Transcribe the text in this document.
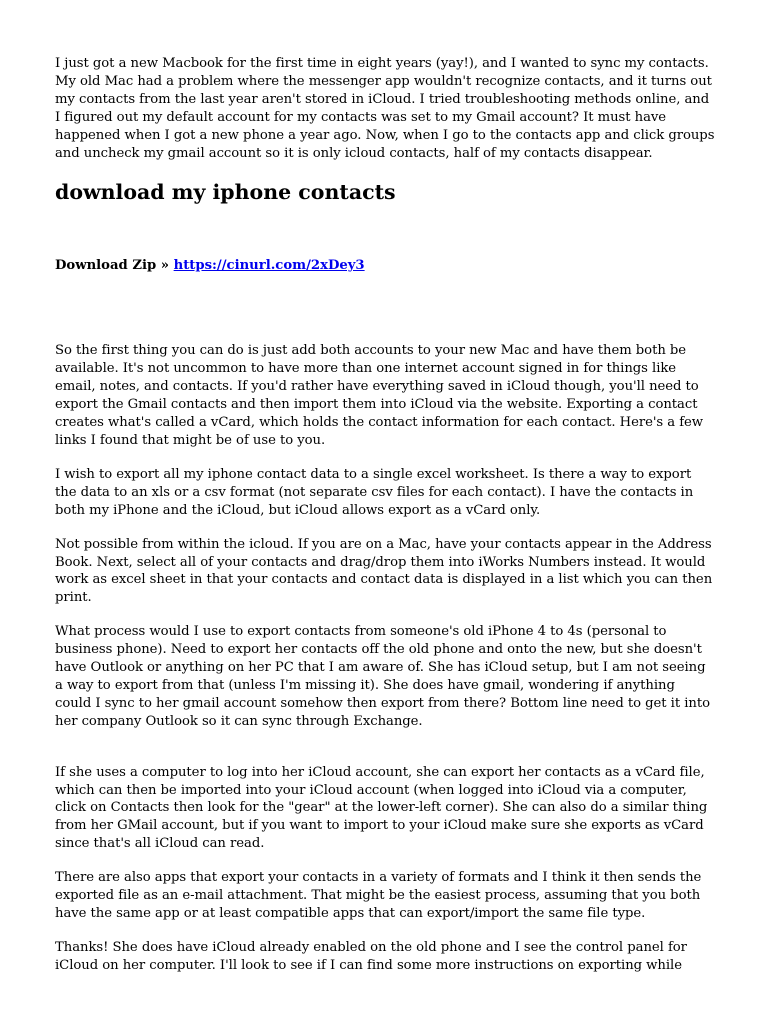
I just got a new Macbook for the first time in eight years (yay!), and I wanted to sync my contacts. My old Mac had a problem where the messenger app wouldn't recognize contacts, and it turns out my contacts from the last year aren't stored in iCloud. I tried troubleshooting methods online, and I figured out my default account for my contacts was set to my Gmail account? It must have happened when I got a new phone a year ago. Now, when I go to the contacts app and click groups and uncheck my gmail account so it is only icloud contacts, half of my contacts disappear.

download my iphone contacts
Download Zip » https://cinurl.com/2xDey3

So the first thing you can do is just add both accounts to your new Mac and have them both be available. It's not uncommon to have more than one internet account signed in for things like email, notes, and contacts. If you'd rather have everything saved in iCloud though, you'll need to export the Gmail contacts and then import them into iCloud via the website. Exporting a contact creates what's called a vCard, which holds the contact information for each contact. Here's a few links I found that might be of use to you.

I wish to export all my iphone contact data to a single excel worksheet. Is there a way to export the data to an xls or a csv format (not separate csv files for each contact). I have the contacts in both my iPhone and the iCloud, but iCloud allows export as a vCard only.

Not possible from within the icloud. If you are on a Mac, have your contacts appear in the Address Book. Next, select all of your contacts and drag/drop them into iWorks Numbers instead. It would work as excel sheet in that your contacts and contact data is displayed in a list which you can then print.

What process would I use to export contacts from someone's old iPhone 4 to 4s (personal to business phone). Need to export her contacts off the old phone and onto the new, but she doesn't have Outlook or anything on her PC that I am aware of. She has iCloud setup, but I am not seeing a way to export from that (unless I'm missing it). She does have gmail, wondering if anything could I sync to her gmail account somehow then export from there? Bottom line need to get it into her company Outlook so it can sync through Exchange.

If she uses a computer to log into her iCloud account, she can export her contacts as a vCard file, which can then be imported into your iCloud account (when logged into iCloud via a computer, click on Contacts then look for the "gear" at the lower-left corner). She can also do a similar thing from her GMail account, but if you want to import to your iCloud make sure she exports as vCard since that's all iCloud can read.

There are also apps that export your contacts in a variety of formats and I think it then sends the exported file as an e-mail attachment. That might be the easiest process, assuming that you both have the same app or at least compatible apps that can export/import the same file type.

Thanks! She does have iCloud already enabled on the old phone and I see the control panel for iCloud on her computer. I'll look to see if I can find some more instructions on exporting while
